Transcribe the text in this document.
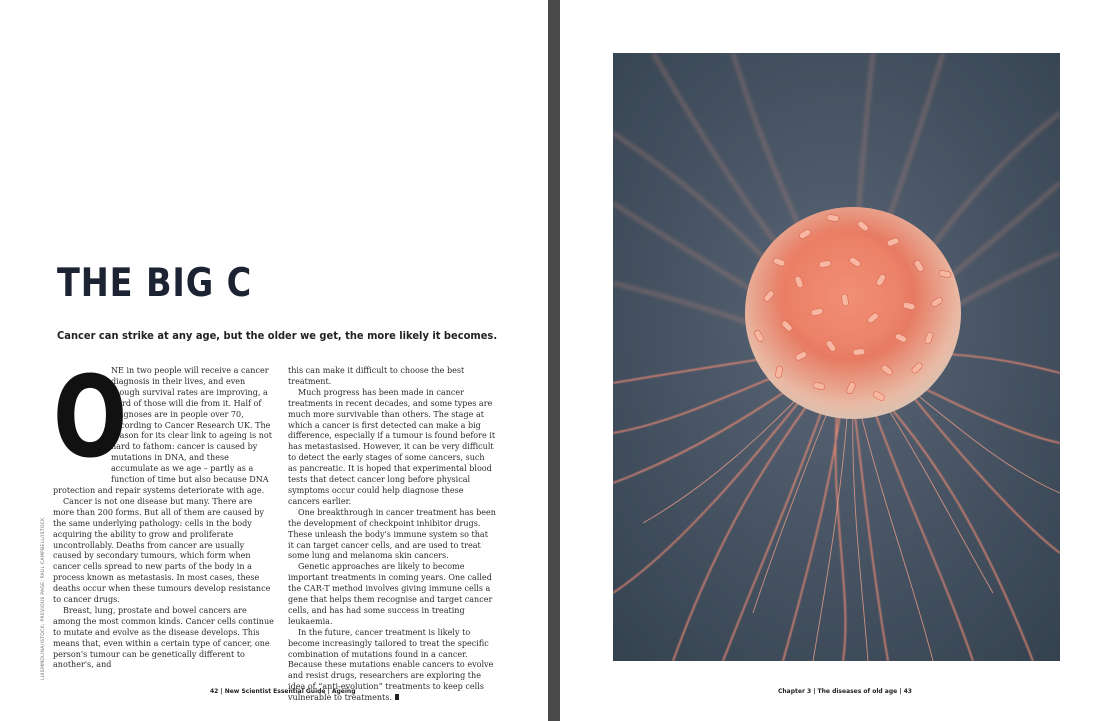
THE BIG C
Cancer can strike at any age, but the older we get, the more likely it becomes.
O

NE in two people will receive a cancer diagnosis in their lives, and even though survival rates are improving, a third of those will die from it. Half of diagnoses are in people over 70, according to Cancer Research UK. The reason for its clear link to ageing is not hard to fathom: cancer is caused by mutations in DNA, and these accumulate as we age – partly as a function of time but also because DNA protection and repair systems deteriorate with age.

Cancer is not one disease but many. There are more than 200 forms. But all of them are caused by the same underlying pathology: cells in the body acquiring the ability to grow and proliferate uncontrollably. Deaths from cancer are usually caused by secondary tumours, which form when cancer cells spread to new parts of the body in a process known as metastasis. In most cases, these deaths occur when these tumours develop resistance to cancer drugs.

Breast, lung, prostate and bowel cancers are among the most common kinds. Cancer cells continue to mutate and evolve as the disease develops. This means that, even within a certain type of cancer, one person's tumour can be genetically different to another's, and

this can make it difficult to choose the best treatment.

Much progress has been made in cancer treatments in recent decades, and some types are much more survivable than others. The stage at which a cancer is first detected can make a big difference, especially if a tumour is found before it has metastasised. However, it can be very difficult to detect the early stages of some cancers, such as pancreatic. It is hoped that experimental blood tests that detect cancer long before physical symptoms occur could help diagnose these cancers earlier.

One breakthrough in cancer treatment has been the development of checkpoint inhibitor drugs. These unleash the body's immune system so that it can target cancer cells, and are used to treat some lung and melanoma skin cancers.

Genetic approaches are likely to become important treatments in coming years. One called the CAR-T method involves giving immune cells a gene that helps them recognise and target cancer cells, and has had some success in treating leukaemia.

In the future, cancer treatment is likely to become increasingly tailored to treat the specific combination of mutations found in a cancer. Because these mutations enable cancers to evolve and resist drugs, researchers are exploring the idea of “anti-evolution” treatments to keep cells vulnerable to treatments.

LUISMMOLINA/ISTOCK; PREVIOUS PAGE: PAUL CAMPBELL/ISTOCK
42 | New Scientist Essential Guide | Ageing	Chapter 3 | The diseases of old age | 43
